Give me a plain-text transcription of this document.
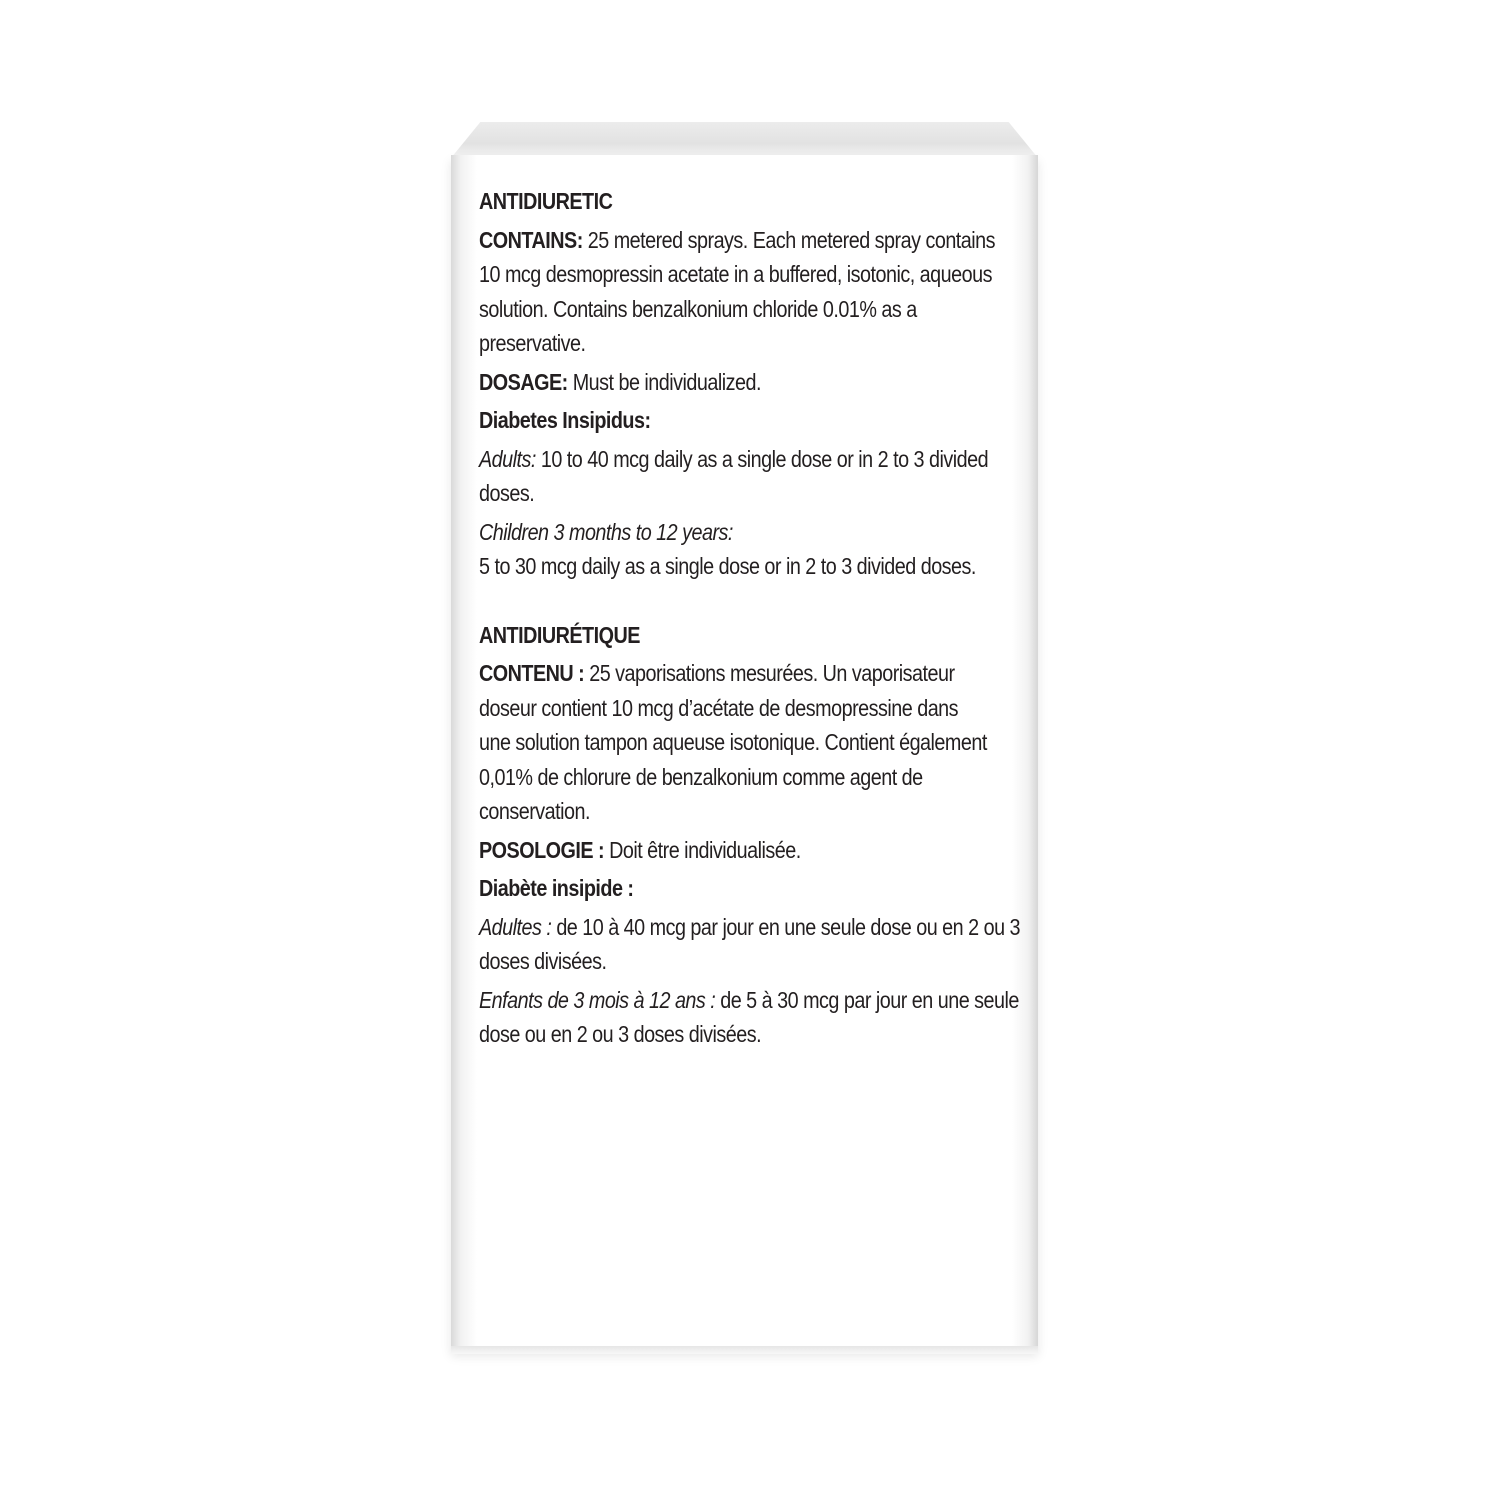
ANTIDIURETIC

CONTAINS: 25 metered sprays. Each metered spray contains 10 mcg desmopressin acetate in a buffered, isotonic, aqueous solution. Contains benzalkonium chloride 0.01% as a preservative.

DOSAGE: Must be individualized.

Diabetes Insipidus:

Adults: 10 to 40 mcg daily as a single dose or in 2 to 3 divided doses.

Children 3 months to 12 years:

5 to 30 mcg daily as a single dose or in 2 to 3 divided doses.

ANTIDIURÉTIQUE

CONTENU : 25 vaporisations mesurées. Un vaporisateur doseur contient 10 mcg d’acétate de desmopressine dans une solution tampon aqueuse isotonique. Contient également 0,01% de chlorure de benzalkonium comme agent de conservation.

POSOLOGIE : Doit être individualisée.

Diabète insipide :

Adultes : de 10 à 40 mcg par jour en une seule dose ou en 2 ou 3 doses divisées.

Enfants de 3 mois à 12 ans : de 5 à 30 mcg par jour en une seule dose ou en 2 ou 3 doses divisées.
